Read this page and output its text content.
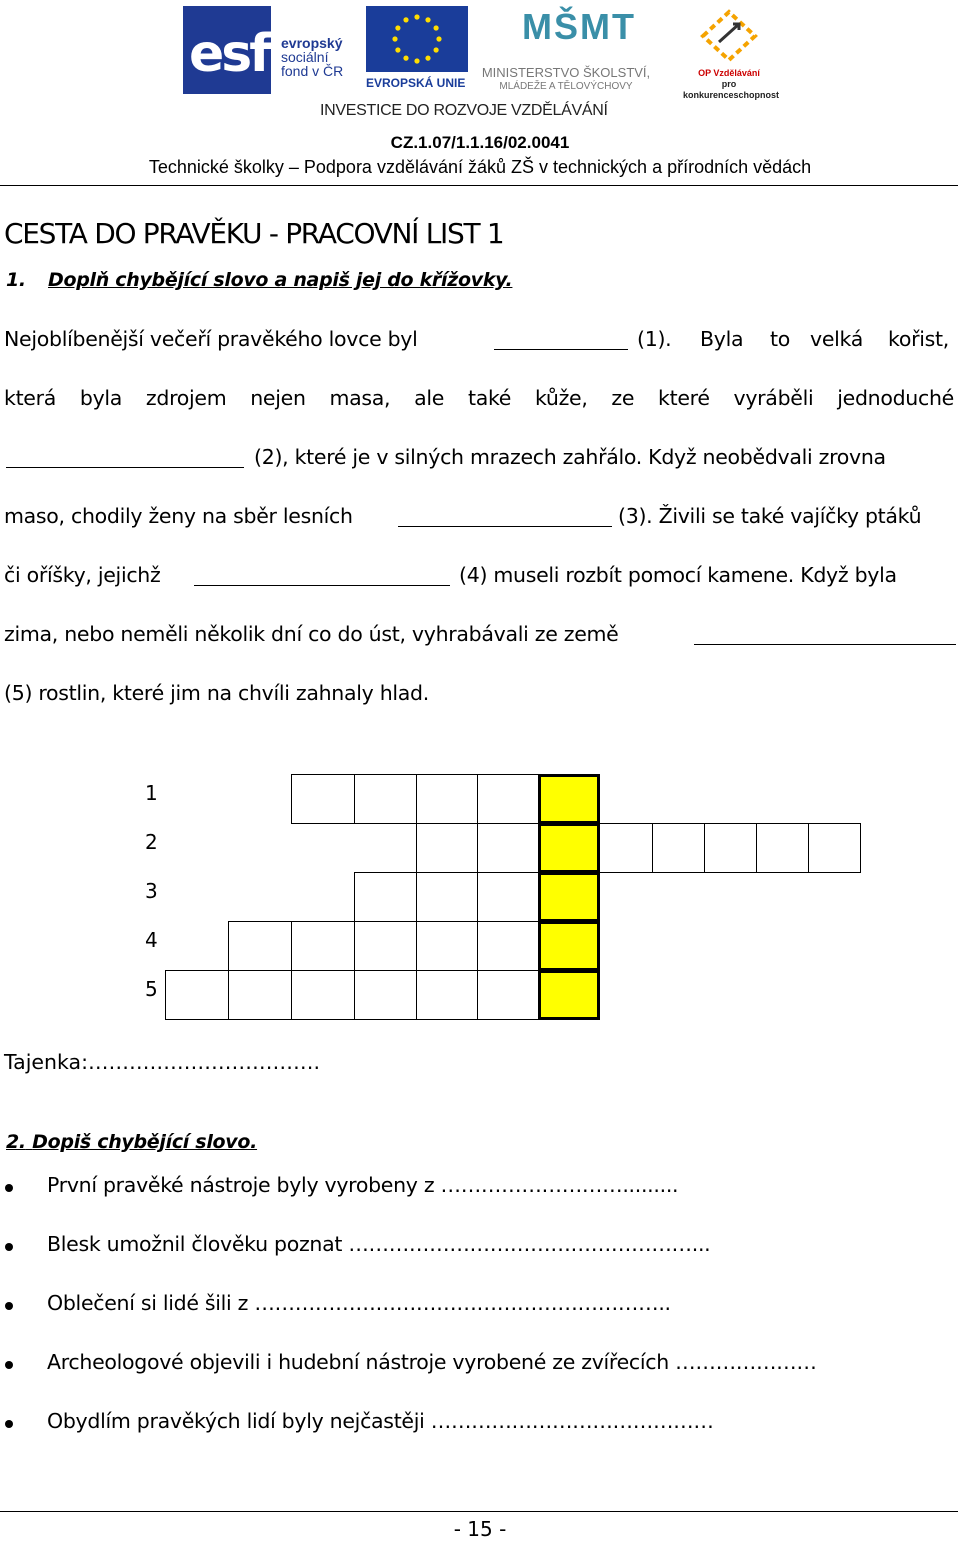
esf evropský
sociální
fond v ČR
EVROPSKÁ UNIE
MŠMT
MINISTERSTVO ŠKOLSTVÍ,
MLÁDEŽE A TĚLOVÝCHOVY
OP Vzdělávání
pro konkurenceschopnost
INVESTICE DO ROZVOJE VZDĚLÁVÁNÍ
CZ.1.07/1.1.16/02.0041
Technické školky – Podpora vzdělávání žáků ZŠ v technických a přírodních vědách
CESTA DO PRAVĚKU - PRACOVNÍ LIST 1
1. Doplň chybějící slovo a napiš jej do křížovky.
Nejoblíbenější večeří pravěkého lovce byl	(1). Byla to velká kořist,
která byla zdrojem nejen masa, ale také kůže, ze které vyráběli jednoduché
(2), které je v silných mrazech zahřálo. Když neobědvali zrovna
maso, chodily ženy na sběr lesních	(3). Živili se také vajíčky ptáků
či oříšky, jejichž	(4) museli rozbít pomocí kamene. Když byla
zima, nebo neměli několik dní co do úst, vyhrabávali ze země
(5) rostlin, které jim na chvíli zahnaly hlad.
1
2
3
4
5
Tajenka:…………………………….
2. Dopiš chybějící slovo.
První pravěké nástroje byly vyrobeny z ……………………….........
Blesk umožnil člověku poznat ……………………………………………...
Oblečení si lidé šili z ……………………………………………………..
Archeologové objevili i hudební nástroje vyrobené ze zvířecích …………………
Obydlím pravěkých lidí byly nejčastěji ……………………………………
- 15 -
